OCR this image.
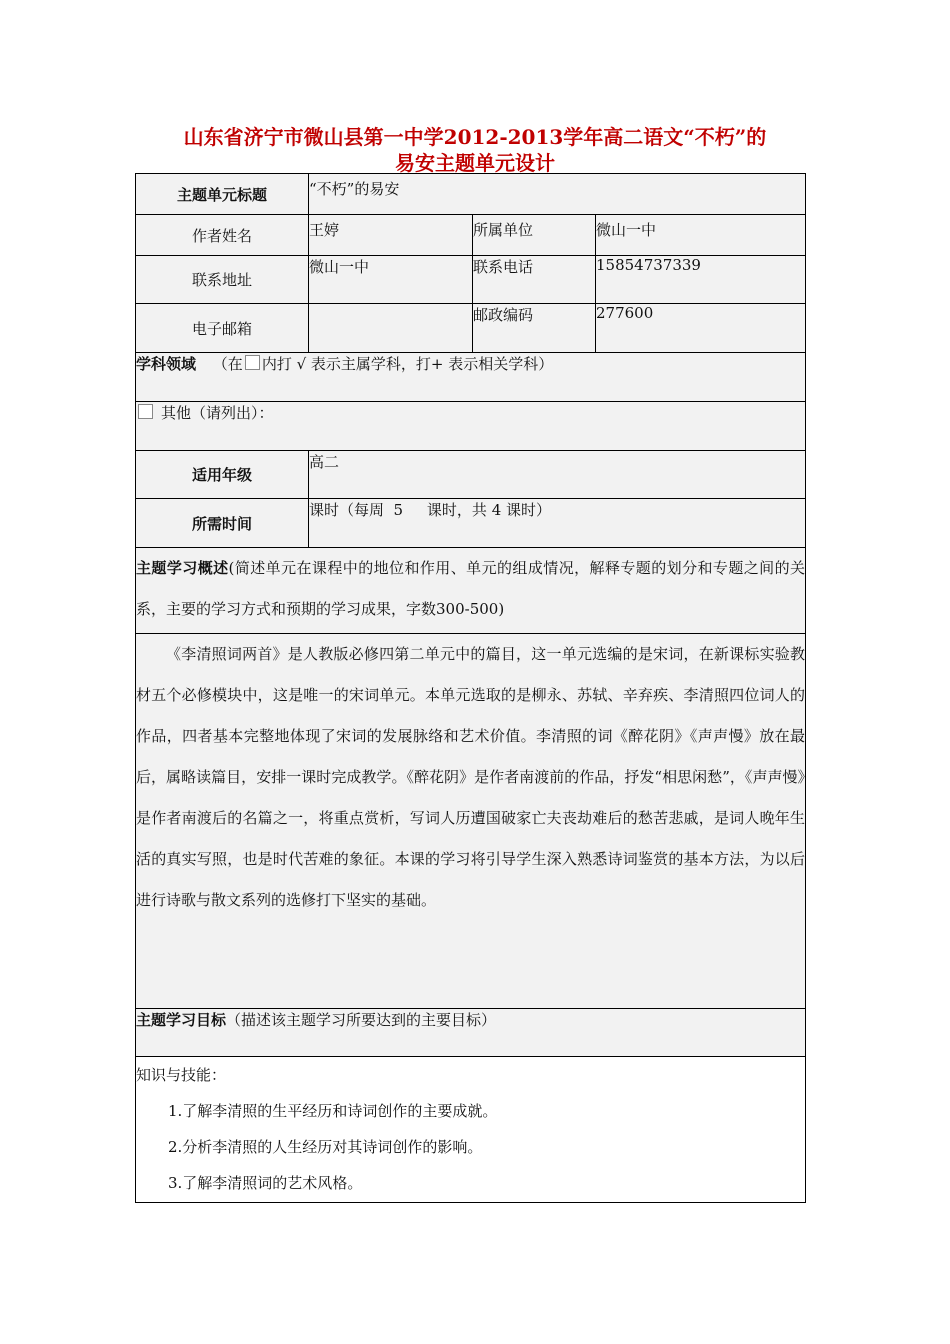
山东省济宁市微山县第一中学2012-2013学年高二语文“不朽”的
易安主题单元设计
主题单元标题	“不朽”的易安		
作者姓名	王婷	所属单位	微山一中
联系地址	微山一中	联系电话	15854737339
电子邮箱		邮政编码	277600
学科领域 （在 内打 √ 表示主属学科，打+ 表示相关学科）			
其他（请列出）：			
适用年级	高二		
所需时间	课时（每周  5     课时，共 4 课时）		
主题学习概述(简述单元在课程中的地位和作用、单元的组成情况，解释专题的划分和专题之间的关系，主要的学习方式和预期的学习成果，字数300-500)			
《李清照词两首》是人教版必修四第二单元中的篇目，这一单元选编的是宋词，在新课标实验教材五个必修模块中，这是唯一的宋词单元。本单元选取的是柳永、苏轼、辛弃疾、李清照四位词人的作品，四者基本完整地体现了宋词的发展脉络和艺术价值。李清照的词《醉花阴》《声声慢》放在最后，属略读篇目，安排一课时完成教学。《醉花阴》是作者南渡前的作品，抒发“相思闲愁”，《声声慢》是作者南渡后的名篇之一，将重点赏析，写词人历遭国破家亡夫丧劫难后的愁苦悲戚，是词人晚年生活的真实写照，也是时代苦难的象征。本课的学习将引导学生深入熟悉诗词鉴赏的基本方法，为以后进行诗歌与散文系列的选修打下坚实的基础。			
主题学习目标（描述该主题学习所要达到的主要目标）			

知识与技能：
1.了解李清照的生平经历和诗词创作的主要成就。
2.分析李清照的人生经历对其诗词创作的影响。
3.了解李清照词的艺术风格。			
